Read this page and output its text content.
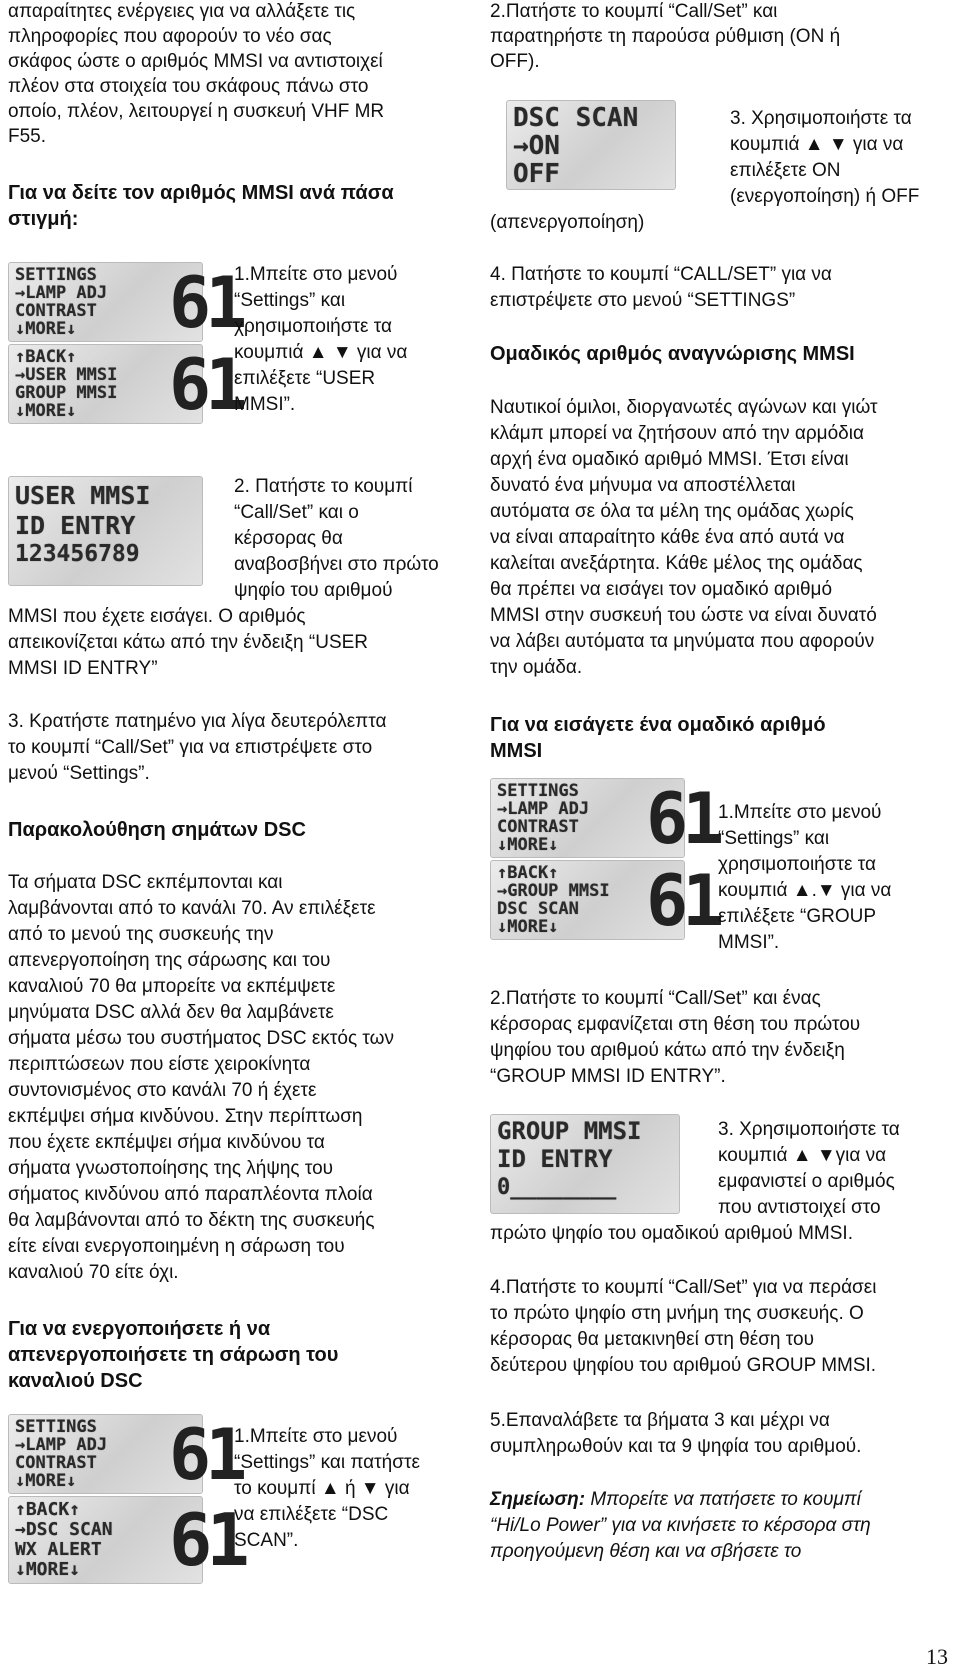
απαραίτητες ενέργειες για να αλλάξετε τις
πληροφορίες που αφορούν το νέο σας
σκάφος ώστε ο αριθμός MMSI να αντιστοιχεί
πλέον στα στοιχεία του σκάφους πάνω στο
οποίο, πλέον, λειτουργεί η συσκευή VHF MR
F55.
Για να δείτε τον αριθμός MMSI ανά πάσα
στιγμή:
SETTINGS
→LAMP ADJ
CONTRAST
↓MORE↓ 61
↑BACK↑
→USER MMSI
GROUP MMSI
↓MORE↓ 61
1.Μπείτε στο μενού
“Settings” και
χρησιμοποιήστε τα
κουμπιά ▲ ▼ για να
επιλέξετε “USER
MMSI”.
USER MMSI
ID ENTRY
123456789
2. Πατήστε το κουμπί
“Call/Set” και ο
κέρσορας θα
αναβοσβήνει στο πρώτο
ψηφίο του αριθμού
MMSI που έχετε εισάγει. Ο αριθμός
απεικονίζεται κάτω από την ένδειξη “USER
MMSI ID ENTRY”
3. Κρατήστε πατημένο για λίγα δευτερόλεπτα
το κουμπί “Call/Set” για να επιστρέψετε στο
μενού “Settings”.
Παρακολούθηση σημάτων DSC
Τα σήματα DSC εκπέμπονται και
λαμβάνονται από το κανάλι 70. Αν επιλέξετε
από το μενού της συσκευής την
απενεργοποίηση της σάρωσης και του
καναλιού 70 θα μπορείτε να εκπέμψετε
μηνύματα DSC αλλά δεν θα λαμβάνετε
σήματα μέσω του συστήματος DSC εκτός των
περιπτώσεων που είστε χειροκίνητα
συντονισμένος στο κανάλι 70 ή έχετε
εκπέμψει σήμα κινδύνου. Στην περίπτωση
που έχετε εκπέμψει σήμα κινδύνου τα
σήματα γνωστοποίησης της λήψης του
σήματος κινδύνου από παραπλέοντα πλοία
θα λαμβάνονται από το δέκτη της συσκευής
είτε είναι ενεργοποιημένη η σάρωση του
καναλιού 70 είτε όχι.
Για να ενεργοποιήσετε ή να
απενεργοποιήσετε τη σάρωση του
καναλιού DSC
SETTINGS
→LAMP ADJ
CONTRAST
↓MORE↓ 61
↑BACK↑
→DSC SCAN
WX ALERT
↓MORE↓ 61
1.Μπείτε στο μενού
“Settings” και πατήστε
το κουμπί ▲ ή ▼ για
να επιλέξετε “DSC
SCAN”.
2.Πατήστε το κουμπί “Call/Set” και
παρατηρήστε τη παρούσα ρύθμιση (ON ή
OFF).
DSC SCAN
→ON
OFF
3. Χρησιμοποιήστε τα
κουμπιά ▲ ▼ για να
επιλέξετε ON
(ενεργοποίηση) ή OFF
(απενεργοποίηση)
4. Πατήστε το κουμπί “CALL/SET” για να
επιστρέψετε στο μενού “SETTINGS”
Ομαδικός αριθμός αναγνώρισης MMSI
Ναυτικοί όμιλοι, διοργανωτές αγώνων και γιώτ
κλάμπ μπορεί να ζητήσουν από την αρμόδια
αρχή ένα ομαδικό αριθμό MMSI. Έτσι είναι
δυνατό ένα μήνυμα να αποστέλλεται
αυτόματα σε όλα τα μέλη της ομάδας χωρίς
να είναι απαραίτητο κάθε ένα από αυτά να
καλείται ανεξάρτητα. Κάθε μέλος της ομάδας
θα πρέπει να εισάγει τον ομαδικό αριθμό
MMSI στην συσκευή του ώστε να είναι δυνατό
να λάβει αυτόματα τα μηνύματα που αφορούν
την ομάδα.
Για να εισάγετε ένα ομαδικό αριθμό
MMSI
SETTINGS
→LAMP ADJ
CONTRAST
↓MORE↓ 61
↑BACK↑
→GROUP MMSI
DSC SCAN
↓MORE↓ 61
1.Μπείτε στο μενού
“Settings” και
χρησιμοποιήστε τα
κουμπιά ▲.▼ για να
επιλέξετε “GROUP
MMSI”.
2.Πατήστε το κουμπί “Call/Set” και ένας
κέρσορας εμφανίζεται στη θέση του πρώτου
ψηφίου του αριθμού κάτω από την ένδειξη
“GROUP MMSI ID ENTRY”.
GROUP MMSI
ID ENTRY
0________
3. Χρησιμοποιήστε τα
κουμπιά ▲ ▼για να
εμφανιστεί ο αριθμός
που αντιστοιχεί στο
πρώτο ψηφίο του ομαδικού αριθμού MMSI.
4.Πατήστε το κουμπί “Call/Set” για να περάσει
το πρώτο ψηφίο στη μνήμη της συσκευής. Ο
κέρσορας θα μετακινηθεί στη θέση του
δεύτερου ψηφίου του αριθμού GROUP MMSI.
5.Επαναλάβετε τα βήματα 3 και μέχρι να
συμπληρωθούν και τα 9 ψηφία του αριθμού.
Σημείωση: Μπορείτε να πατήσετε το κουμπί
“Hi/Lo Power” για να κινήσετε το κέρσορα στη
προηγούμενη θέση και να σβήσετε το
13
